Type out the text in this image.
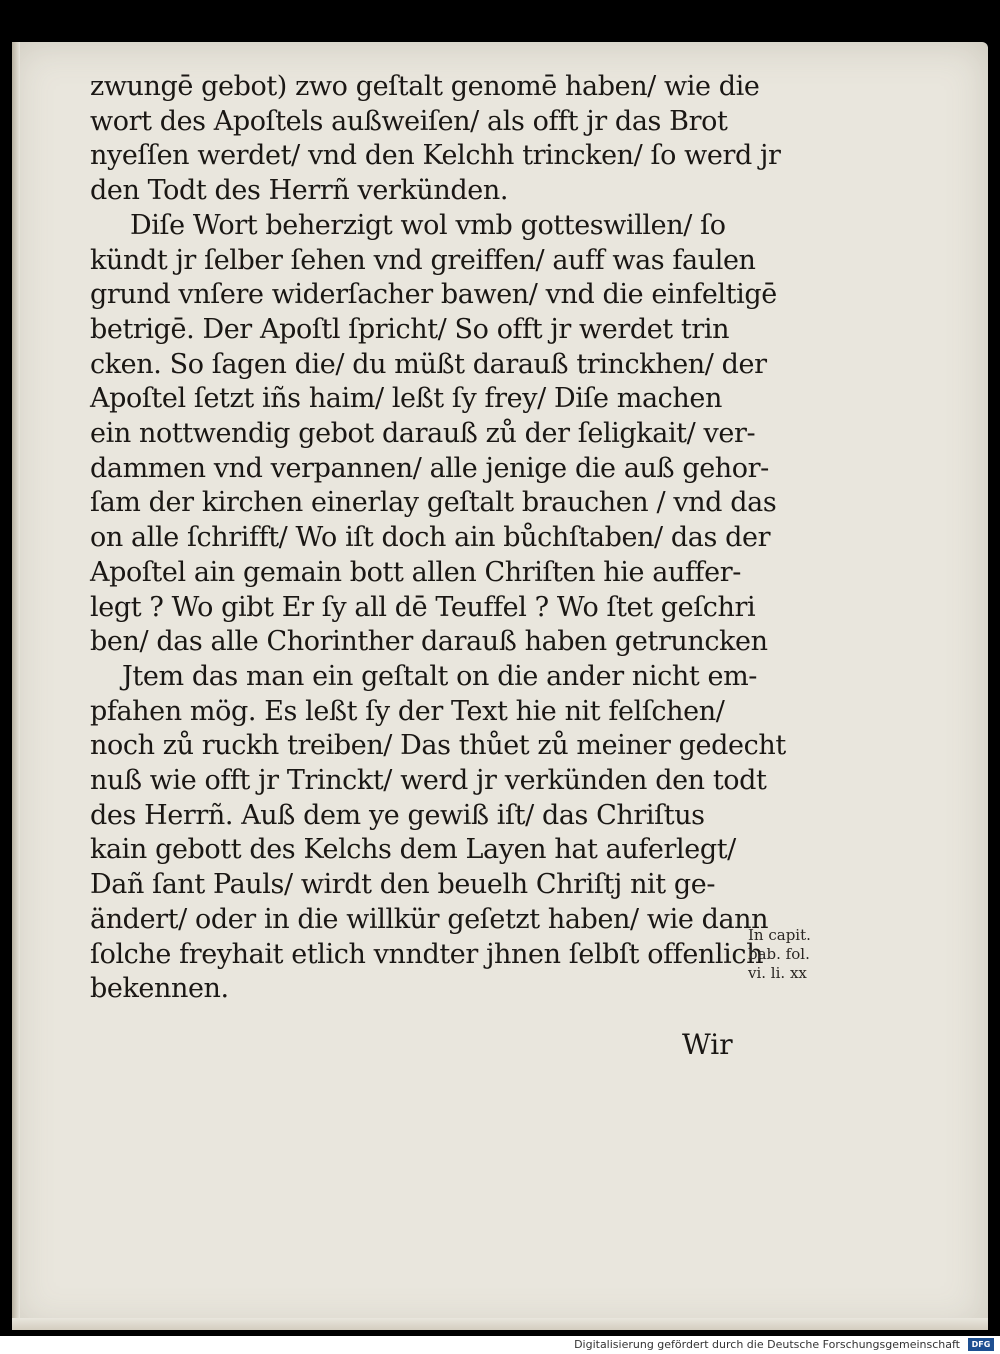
zwungē gebot) zwo geſtalt genomē haben/ wie die
wort des Apoſtels außweiſen/ als offt jr das Brot
nyeſſen werdet/ vnd den Kelchh trincken/ ſo werd jr
den Todt des Herrñ verkünden.
Diſe Wort beherzigt wol vmb gotteswillen/ ſo
kündt jr ſelber ſehen vnd greiffen/ auff was faulen
grund vnſere widerſacher bawen/ vnd die einfeltigē
betrigē. Der Apoſtl ſpricht/ So offt jr werdet trin
cken. So ſagen die/ du müßt darauß trinckhen/ der
Apoſtel ſetzt iñs haim/ leßt ſy frey/ Diſe machen
ein nottwendig gebot darauß zů der ſeligkait/ ver-
dammen vnd verpannen/ alle jenige die auß gehor-
ſam der kirchen einerlay geſtalt brauchen / vnd das
on alle ſchrifft/ Wo iſt doch ain bůchſtaben/ das der
Apoſtel ain gemain bott allen Chriſten hie auffer-
legt ? Wo gibt Er ſy all dē Teuffel ? Wo ſtet geſchri
ben/ das alle Chorinther darauß haben getruncken
Jtem das man ein geſtalt on die ander nicht em-
pfahen mög. Es leßt ſy der Text hie nit felſchen/
noch zů ruckh treiben/ Das thůet zů meiner gedecht
nuß wie offt jr Trinckt/ werd jr verkünden den todt
des Herrñ. Auß dem ye gewiß iſt/ das Chriſtus
kain gebott des Kelchs dem Layen hat auferlegt/
Dañ ſant Pauls/ wirdt den beuelh Chriſtj nit ge-
ändert/ oder in die willkür geſetzt haben/ wie dann
ſolche freyhait etlich vnndter jhnen ſelbſt offenlich
bekennen.
In capit.
bab. fol.
vi. li. xx
Wir
Digitalisierung gefördert durch die Deutsche Forschungsgemeinschaft	DFG
